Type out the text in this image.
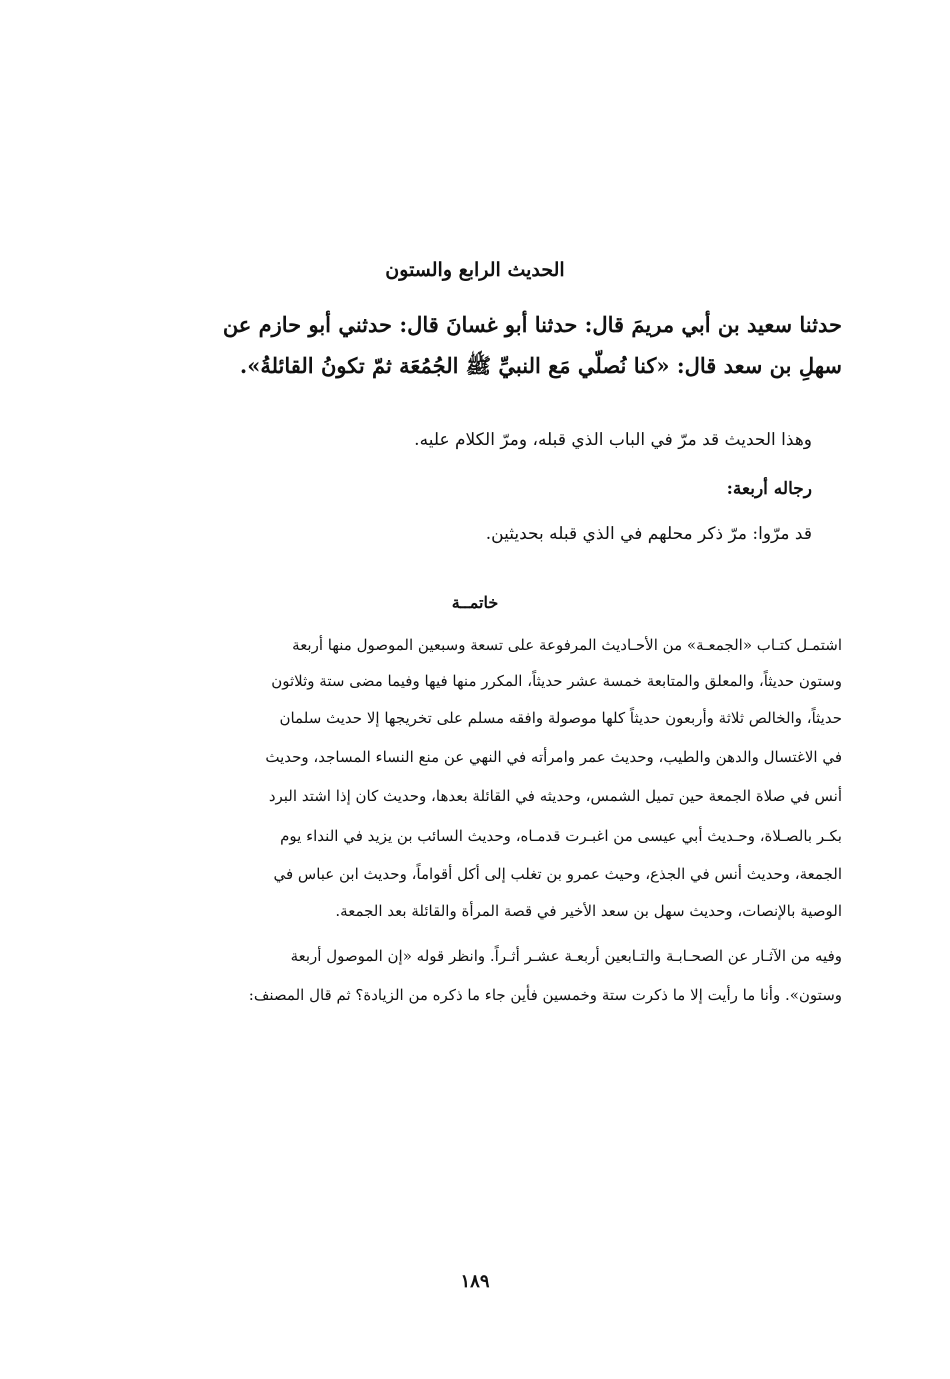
الحديث الرابع والستون
حدثنا سعيد بن أبي مريمَ قال: حدثنا أبو غسانَ قال: حدثني أبو حازم عن
سهلِ بن سعد قال: «كنا نُصلّي مَع النبيِّ ﷺ الجُمُعَة ثمّ تكونُ القائلةُ».
وهذا الحديث قد مرّ في الباب الذي قبله، ومرّ الكلام عليه.
رجاله أربعة:
قد مرّوا: مرّ ذكر محلهم في الذي قبله بحديثين.
خاتمــة
اشتمـل كتـاب «الجمعـة» من الأحـاديث المرفوعة على تسعة وسبعين الموصول منها أربعة
وستون حديثاً، والمعلق والمتابعة خمسة عشر حديثاً، المكرر منها فيها وفيما مضى ستة وثلاثون
حديثاً، والخالص ثلاثة وأربعون حديثاً كلها موصولة وافقه مسلم على تخريجها إلا حديث سلمان
في الاغتسال والدهن والطيب، وحديث عمر وامرأته في النهي عن منع النساء المساجد، وحديث
أنس في صلاة الجمعة حين تميل الشمس، وحديثه في القائلة بعدها، وحديث كان إذا اشتد البرد
بكـر بالصـلاة، وحـديث أبي عيسى من اغبـرت قدمـاه، وحديث السائب بن يزيد في النداء يوم
الجمعة، وحديث أنس في الجذع، وحيث عمرو بن تغلب إلى أكل أقواماً، وحديث ابن عباس في
الوصية بالإنصات، وحديث سهل بن سعد الأخير في قصة المرأة والقائلة بعد الجمعة.
وفيه من الآثـار عن الصحـابـة والتـابعين أربعـة عشـر أثـراً. وانظر قوله «إن الموصول أربعة
وستون». وأنا ما رأيت إلا ما ذكرت ستة وخمسين فأين جاء ما ذكره من الزيادة؟ ثم قال المصنف:
١٨٩
